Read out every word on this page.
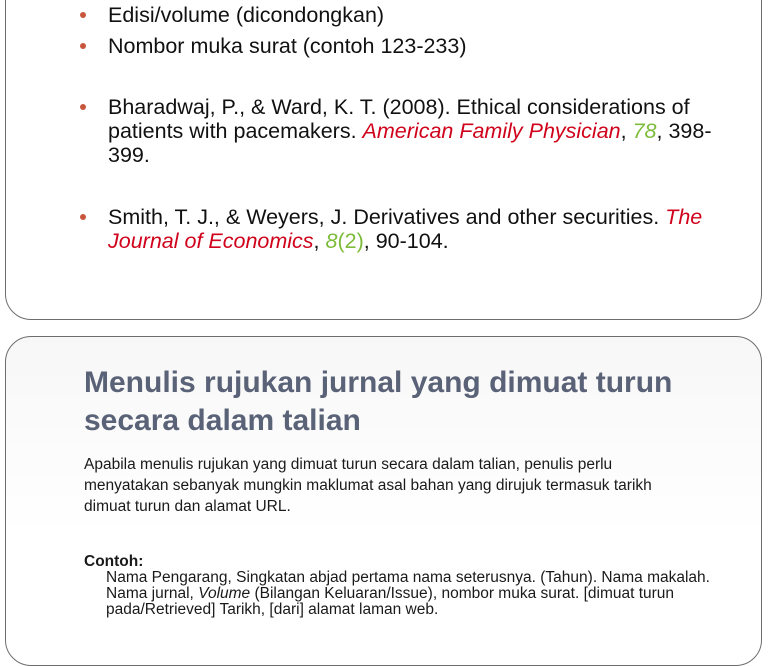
Edisi/volume (dicondongkan)
Nombor muka surat (contoh 123-233)
Bharadwaj, P., & Ward, K. T. (2008). Ethical considerations of patients with pacemakers. American Family Physician, 78, 398-399.
Smith, T. J., & Weyers, J. Derivatives and other securities. The Journal of Economics, 8(2), 90-104.
Menulis rujukan jurnal yang dimuat turun secara dalam talian
Apabila menulis rujukan yang dimuat turun secara dalam talian, penulis perlu menyatakan sebanyak mungkin maklumat asal bahan yang dirujuk termasuk tarikh dimuat turun dan alamat URL.
Contoh:
Nama Pengarang, Singkatan abjad pertama nama seterusnya. (Tahun). Nama makalah. Nama jurnal, Volume (Bilangan Keluaran/Issue), nombor muka surat. [dimuat turun pada/Retrieved] Tarikh, [dari] alamat laman web.
